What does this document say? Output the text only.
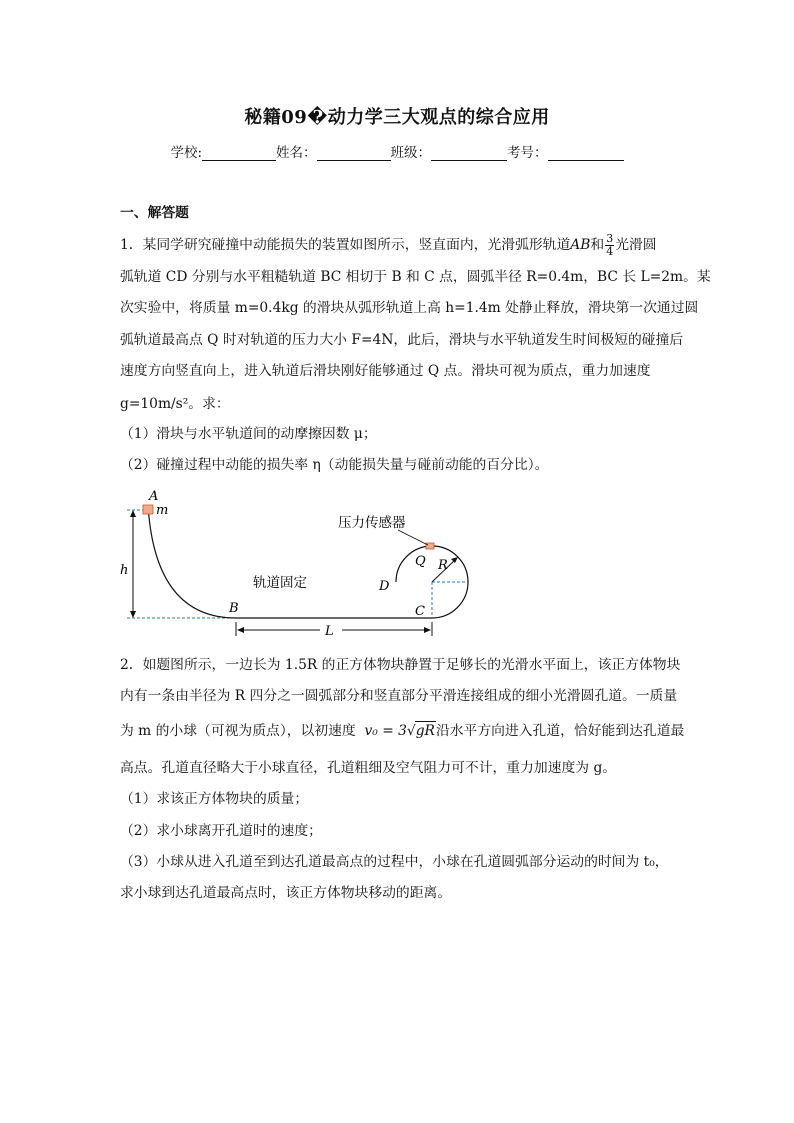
秘籍09�动力学三大观点的综合应用
学校:	姓名：	班级：	考号：
一、解答题
1．某同学研究碰撞中动能损失的装置如图所示，竖直面内，光滑弧形轨道AB和 $\frac{3}{4}$ 光滑圆
弧轨道 CD 分别与水平粗糙轨道 BC 相切于 B 和 C 点，圆弧半径 R=0.4m，BC 长 L=2m。某
次实验中，将质量 m=0.4kg 的滑块从弧形轨道上高 h=1.4m 处静止释放，滑块第一次通过圆
弧轨道最高点 Q 时对轨道的压力大小 F=4N，此后，滑块与水平轨道发生时间极短的碰撞后
速度方向竖直向上，进入轨道后滑块刚好能够通过 Q 点。滑块可视为质点，重力加速度
g=10m/s²。求：
（1）滑块与水平轨道间的动摩擦因数 μ；
（2）碰撞过程中动能的损失率 η（动能损失量与碰前动能的百分比）。
A
m
h
B
轨道固定
压力传感器
Q R
D
C
L
2．如题图所示，一边长为 1.5R 的正方体物块静置于足够长的光滑水平面上，该正方体物块
内有一条由半径为 R 四分之一圆弧部分和竖直部分平滑连接组成的细小光滑圆孔道。一质量
为 m 的小球（可视为质点），以初速度 v₀ = 3√gR沿水平方向进入孔道，恰好能到达孔道最
高点。孔道直径略大于小球直径，孔道粗细及空气阻力可不计，重力加速度为 g。
（1）求该正方体物块的质量；
（2）求小球离开孔道时的速度；
（3）小球从进入孔道至到达孔道最高点的过程中，小球在孔道圆弧部分运动的时间为 t₀，
求小球到达孔道最高点时，该正方体物块移动的距离。
